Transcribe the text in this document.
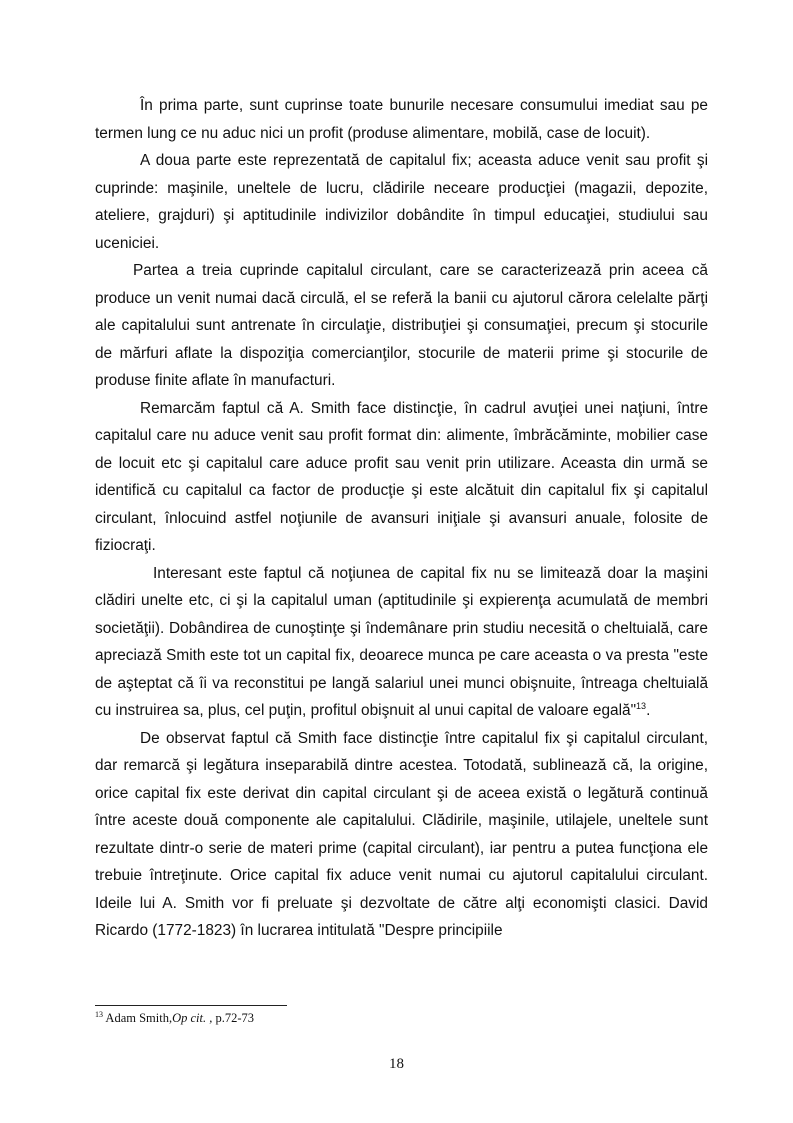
În prima parte, sunt cuprinse toate bunurile necesare consumului imediat sau pe termen lung ce nu aduc nici un profit (produse alimentare, mobilă, case de locuit).

A doua parte este reprezentată de capitalul fix; aceasta aduce venit sau profit şi cuprinde: maşinile, uneltele de lucru, clădirile neceare producţiei (magazii, depozite, ateliere, grajduri) şi aptitudinile indivizilor dobândite în timpul educaţiei, studiului sau uceniciei.

Partea a treia cuprinde capitalul circulant, care se caracterizează prin aceea că produce un venit numai dacă circulă, el se referă la banii cu ajutorul cărora celelalte părţi ale capitalului sunt antrenate în circulaţie, distribuţiei şi consumaţiei, precum şi stocurile de mărfuri aflate la dispoziţia comercianţilor, stocurile de materii prime şi stocurile de produse finite aflate în manufacturi.

Remarcăm faptul că A. Smith face distincţie, în cadrul avuţiei unei naţiuni, între capitalul care nu aduce venit sau profit format din: alimente, îmbrăcăminte, mobilier case de locuit etc şi capitalul care aduce profit sau venit prin utilizare. Aceasta din urmă se identifică cu capitalul ca factor de producţie şi este alcătuit din capitalul fix şi capitalul circulant, înlocuind astfel noţiunile de avansuri iniţiale şi avansuri anuale, folosite de fiziocraţi.

Interesant este faptul că noţiunea de capital fix nu se limitează doar la maşini clădiri unelte etc, ci şi la capitalul uman (aptitudinile şi expierenţa acumulată de membri societăţii). Dobândirea de cunoştinţe şi îndemânare prin studiu necesită o cheltuială, care apreciază Smith este tot un capital fix, deoarece munca pe care aceasta o va presta "este de aşteptat că îi va reconstitui pe langă salariul unei munci obişnuite, întreaga cheltuială cu instruirea sa, plus, cel puţin, profitul obişnuit al unui capital de valoare egală"$^{13}$.

De observat faptul că Smith face distincţie între capitalul fix şi capitalul circulant, dar remarcă şi legătura inseparabilă dintre acestea. Totodată, sublinează că, la origine, orice capital fix este derivat din capital circulant şi de aceea există o legătură continuă între aceste două componente ale capitalului. Clădirile, maşinile, utilajele, uneltele sunt rezultate dintr-o serie de materi prime (capital circulant), iar pentru a putea funcţiona ele trebuie întreţinute. Orice capital fix aduce venit numai cu ajutorul capitalului circulant. Ideile lui A. Smith vor fi preluate şi dezvoltate de către alţi economişti clasici. David Ricardo (1772-1823) în lucrarea intitulată "Despre principiile

$^{13}$ Adam Smith,Op cit. , p.72-73
18
